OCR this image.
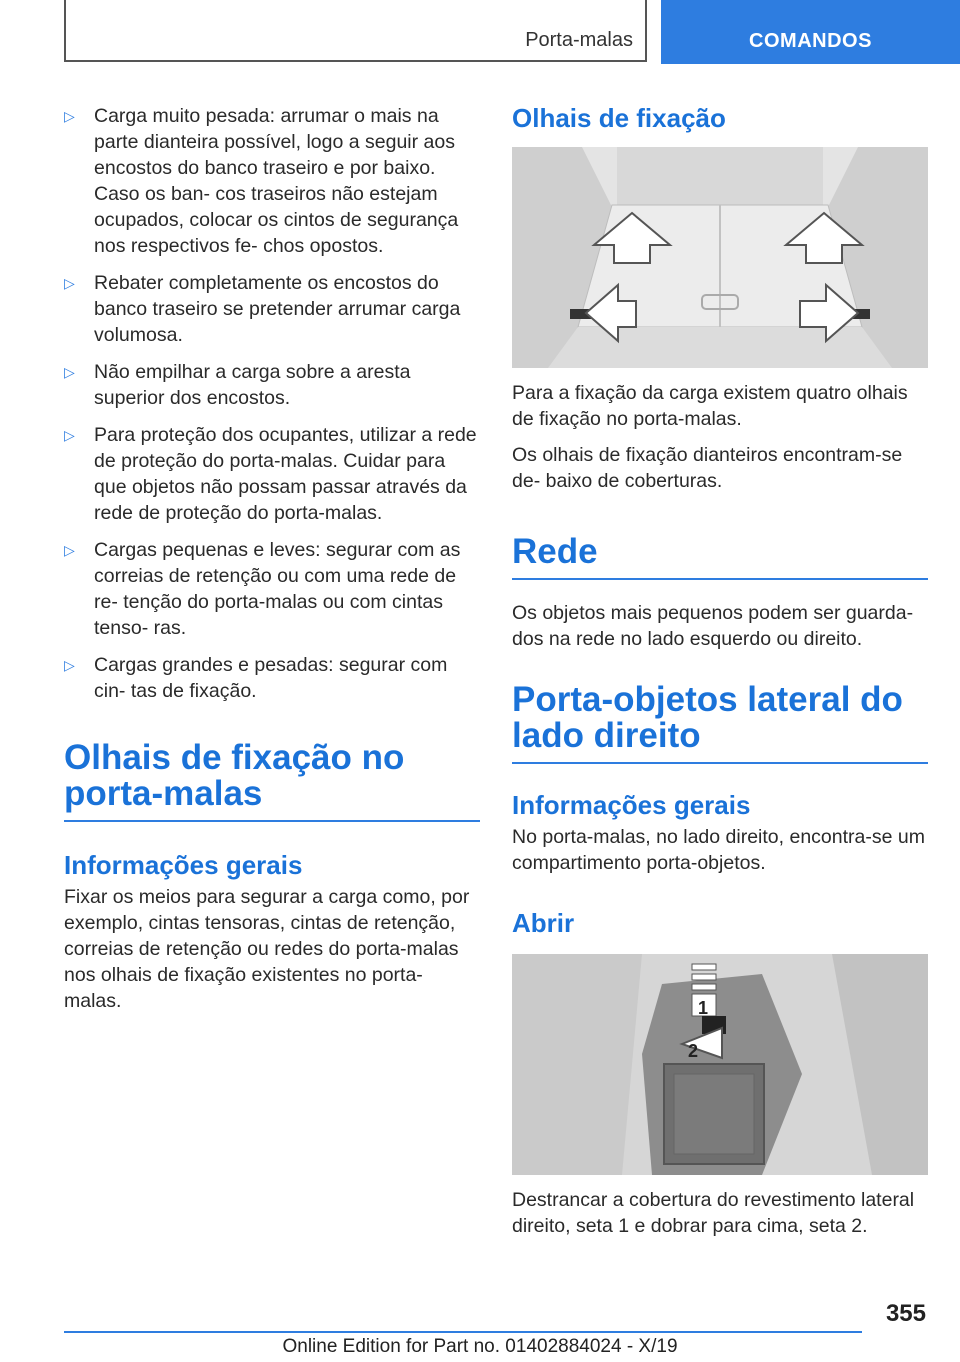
Porta-malas	COMANDOS
▷ Carga muito pesada: arrumar o mais na parte dianteira possível, logo a seguir aos encostos do banco traseiro e por baixo. Caso os ban- cos traseiros não estejam ocupados, colocar os cintos de segurança nos respectivos fe- chos opostos.
▷ Rebater completamente os encostos do banco traseiro se pretender arrumar carga volumosa.
▷ Não empilhar a carga sobre a aresta superior dos encostos.
▷ Para proteção dos ocupantes, utilizar a rede de proteção do porta-malas. Cuidar para que objetos não possam passar através da rede de proteção do porta-malas.
▷ Cargas pequenas e leves: segurar com as correias de retenção ou com uma rede de re- tenção do porta-malas ou com cintas tenso- ras.
▷ Cargas grandes e pesadas: segurar com cin- tas de fixação.
Olhais de fixação no porta-malas
Informações gerais

Fixar os meios para segurar a carga como, por exemplo, cintas tensoras, cintas de retenção, correias de retenção ou redes do porta-malas nos olhais de fixação existentes no porta-malas.

Olhais de fixação

Para a fixação da carga existem quatro olhais de fixação no porta-malas.

Os olhais de fixação dianteiros encontram-se de- baixo de coberturas.

Rede

Os objetos mais pequenos podem ser guarda- dos na rede no lado esquerdo ou direito.

Porta-objetos lateral do lado direito
Informações gerais

No porta-malas, no lado direito, encontra-se um compartimento porta-objetos.

Abrir
1
2

Destrancar a cobertura do revestimento lateral direito, seta 1 e dobrar para cima, seta 2.

355
Online Edition for Part no. 01402884024 - X/19
